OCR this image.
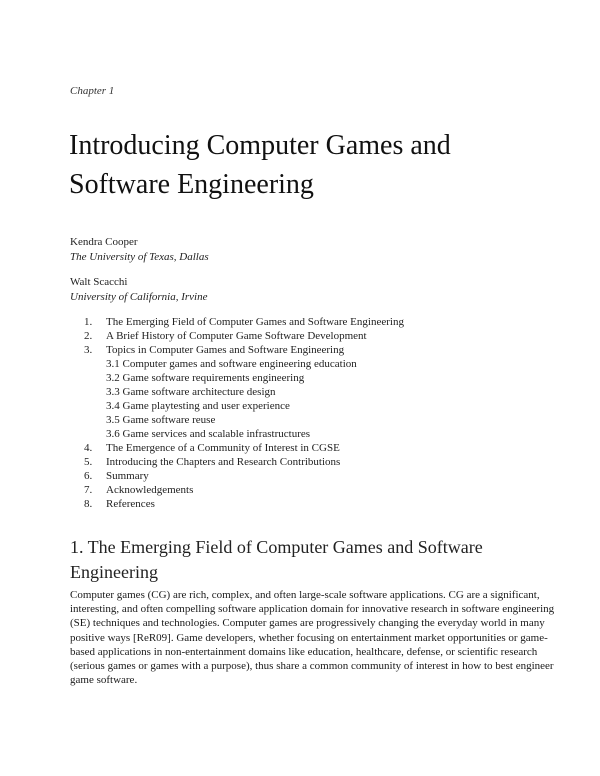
Chapter 1
Introducing Computer Games and
Software Engineering
Kendra Cooper
The University of Texas, Dallas
Walt Scacchi
University of California, Irvine
1.	The Emerging Field of Computer Games and Software Engineering
2.	A Brief History of Computer Game Software Development
3.	Topics in Computer Games and Software Engineering
3.1 Computer games and software engineering education
3.2 Game software requirements engineering
3.3 Game software architecture design
3.4 Game playtesting and user experience
3.5 Game software reuse
3.6 Game services and scalable infrastructures
4.	The Emergence of a Community of Interest in CGSE
5.	Introducing the Chapters and Research Contributions
6.	Summary
7.	Acknowledgements
8.	References
1. The Emerging Field of Computer Games and Software
Engineering

Computer games (CG) are rich, complex, and often large-scale software applications. CG are a significant, interesting, and often compelling software application domain for innovative research in software engineering (SE) techniques and technologies. Computer games are progressively changing the everyday world in many positive ways [ReR09]. Game developers, whether focusing on entertainment market opportunities or game-based applications in non-entertainment domains like education, healthcare, defense, or scientific research (serious games or games with a purpose), thus share a common community of interest in how to best engineer game software.
